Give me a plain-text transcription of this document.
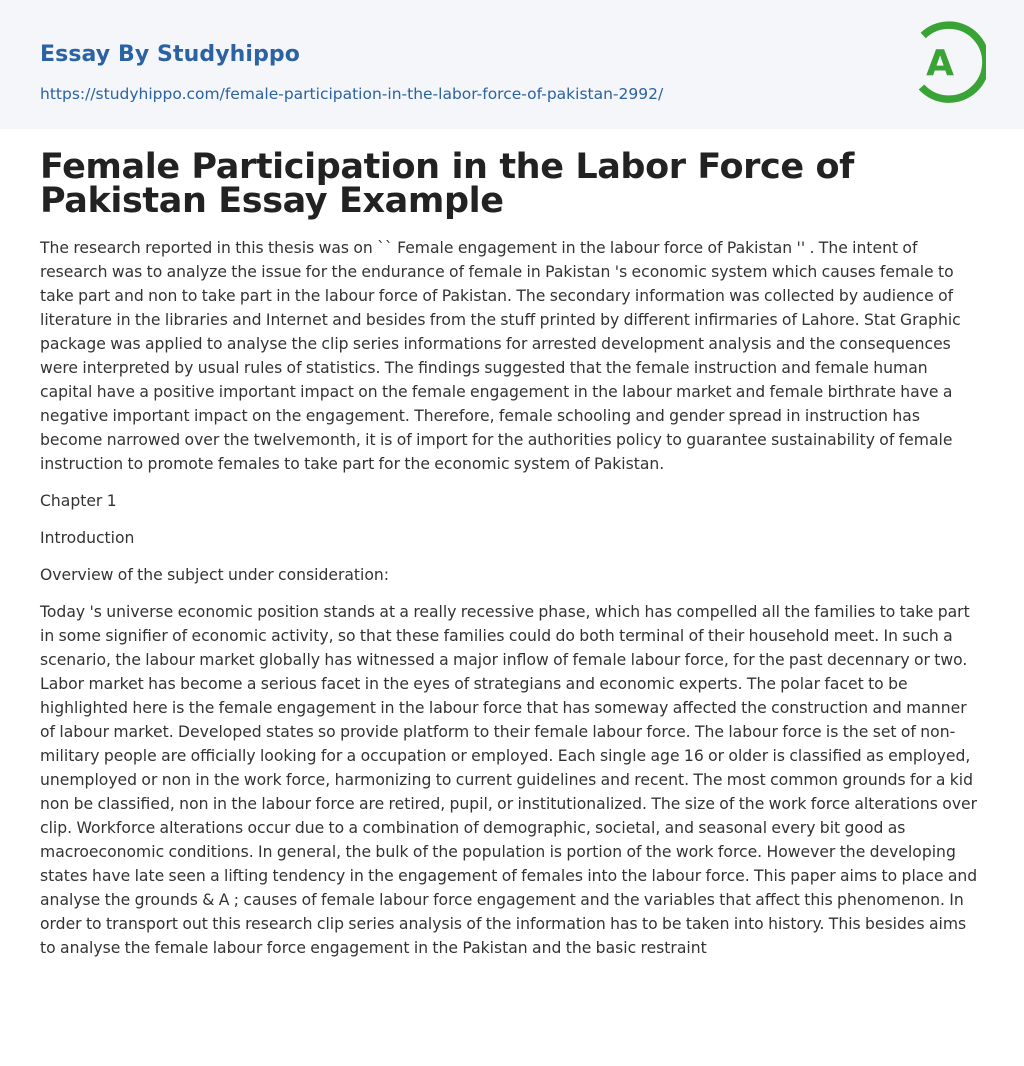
Essay By Studyhippo
https://studyhippo.com/female-participation-in-the-labor-force-of-pakistan-2992/
A
Female Participation in the Labor Force of Pakistan Essay Example

The research reported in this thesis was on `` Female engagement in the labour force of Pakistan '' . The intent of research was to analyze the issue for the endurance of female in Pakistan 's economic system which causes female to take part and non to take part in the labour force of Pakistan. The secondary information was collected by audience of literature in the libraries and Internet and besides from the stuff printed by different infirmaries of Lahore. Stat Graphic package was applied to analyse the clip series informations for arrested development analysis and the consequences were interpreted by usual rules of statistics. The findings suggested that the female instruction and female human capital have a positive important impact on the female engagement in the labour market and female birthrate have a negative important impact on the engagement. Therefore, female schooling and gender spread in instruction has become narrowed over the twelvemonth, it is of import for the authorities policy to guarantee sustainability of female instruction to promote females to take part for the economic system of Pakistan.

Chapter 1

Introduction

Overview of the subject under consideration:

Today 's universe economic position stands at a really recessive phase, which has compelled all the families to take part in some signifier of economic activity, so that these families could do both terminal of their household meet. In such a scenario, the labour market globally has witnessed a major inflow of female labour force, for the past decennary or two. Labor market has become a serious facet in the eyes of strategians and economic experts. The polar facet to be highlighted here is the female engagement in the labour force that has someway affected the construction and manner of labour market. Developed states so provide platform to their female labour force. The labour force is the set of non-military people are officially looking for a occupation or employed. Each single age 16 or older is classified as employed, unemployed or non in the work force, harmonizing to current guidelines and recent. The most common grounds for a kid non be classified, non in the labour force are retired, pupil, or institutionalized. The size of the work force alterations over clip. Workforce alterations occur due to a combination of demographic, societal, and seasonal every bit good as macroeconomic conditions. In general, the bulk of the population is portion of the work force. However the developing states have late seen a lifting tendency in the engagement of females into the labour force. This paper aims to place and analyse the grounds & A ; causes of female labour force engagement and the variables that affect this phenomenon. In order to transport out this research clip series analysis of the information has to be taken into history. This besides aims to analyse the female labour force engagement in the Pakistan and the basic restraint
